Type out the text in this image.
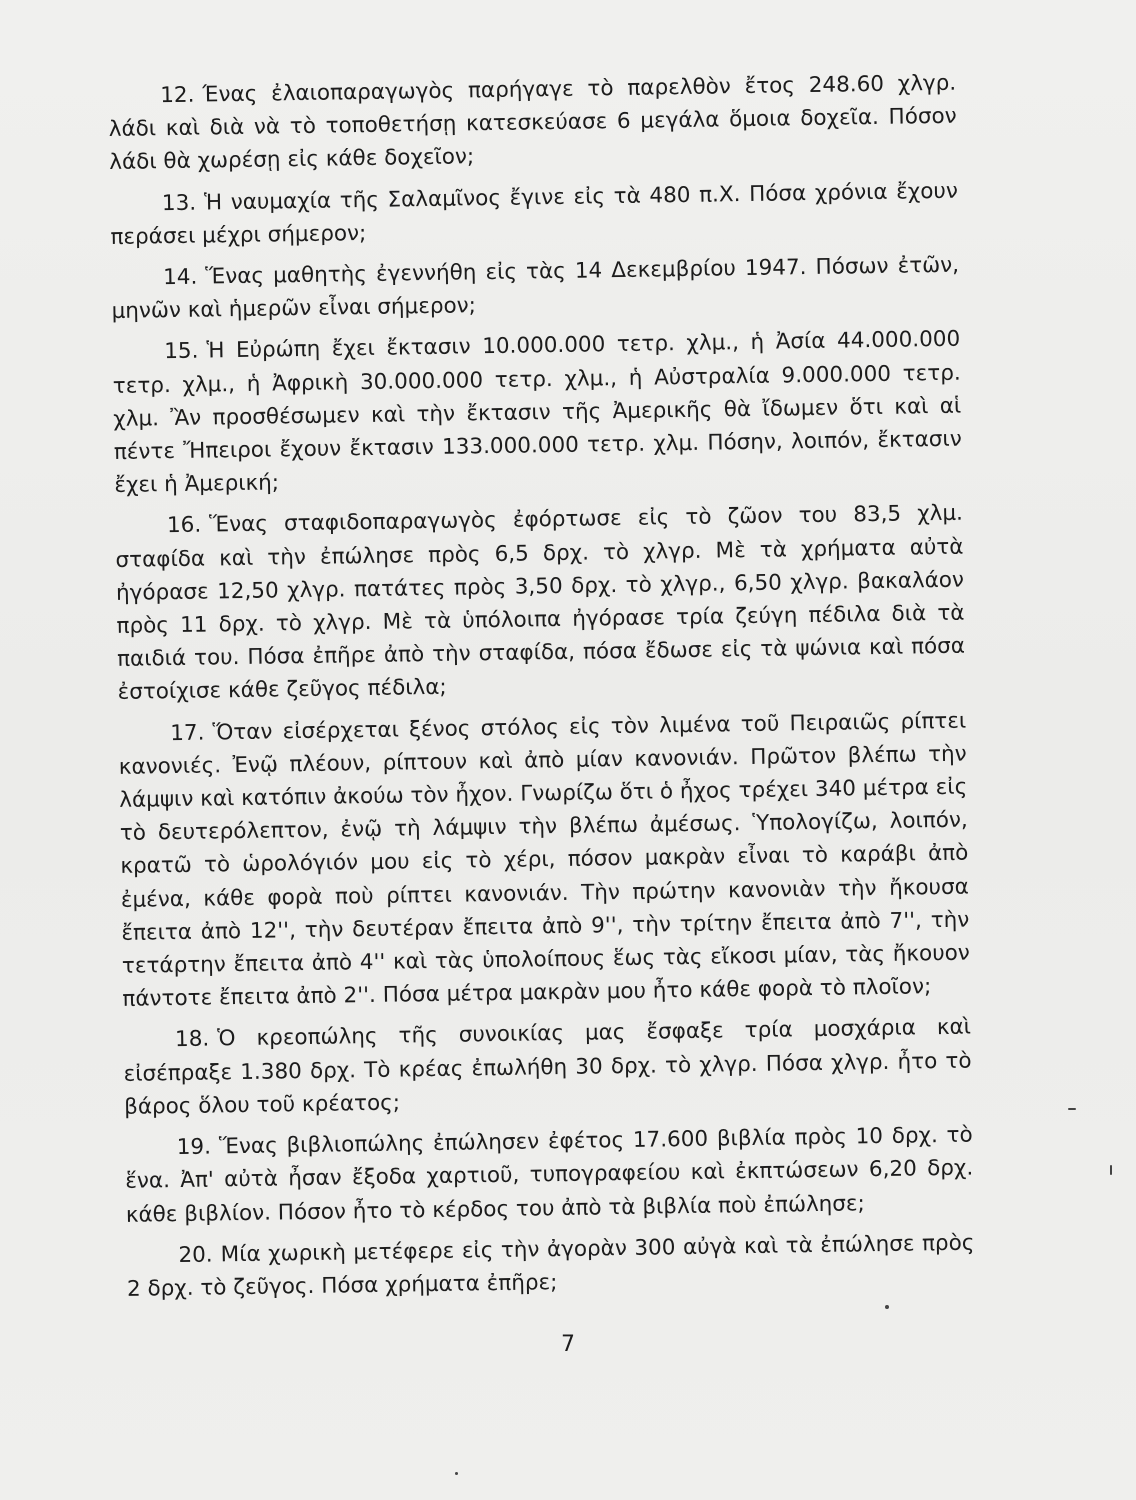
12. Ένας ἐλαιοπαραγωγὸς παρήγαγε τὸ παρελθὸν ἔτος 248.60 χλγρ. λάδι καὶ διὰ νὰ τὸ τοποθετήσῃ κατεσκεύασε 6 μεγάλα ὅμοια δοχεῖα. Πόσον λάδι θὰ χωρέσῃ εἰς κάθε δοχεῖον;

13. Ἡ ναυμαχία τῆς Σαλαμῖνος ἔγινε εἰς τὰ 480 π.Χ. Πόσα χρόνια ἔχουν περάσει μέχρι σήμερον;

14. Ἕνας μαθητὴς ἐγεννήθη εἰς τὰς 14 Δεκεμβρίου 1947. Πόσων ἐτῶν, μηνῶν καὶ ἡμερῶν εἶναι σήμερον;

15. Ἡ Εὐρώπη ἔχει ἔκτασιν 10.000.000 τετρ. χλμ., ἡ Ἀσία 44.000.000 τετρ. χλμ., ἡ Ἀφρικὴ 30.000.000 τετρ. χλμ., ἡ Αὐστραλία 9.000.000 τετρ. χλμ. Ἂν προσθέσωμεν καὶ τὴν ἔκτασιν τῆς Ἀμερικῆς θὰ ἴδωμεν ὅτι καὶ αἱ πέντε Ἤπειροι ἔχουν ἔκτασιν 133.000.000 τετρ. χλμ. Πόσην, λοιπόν, ἔκτασιν ἔχει ἡ Ἀμερική;

16. Ἕνας σταφιδοπαραγωγὸς ἐφόρτωσε εἰς τὸ ζῶον του 83,5 χλμ. σταφίδα καὶ τὴν ἐπώλησε πρὸς 6,5 δρχ. τὸ χλγρ. Μὲ τὰ χρήματα αὐτὰ ἠγόρασε 12,50 χλγρ. πατάτες πρὸς 3,50 δρχ. τὸ χλγρ., 6,50 χλγρ. βακαλάον πρὸς 11 δρχ. τὸ χλγρ. Μὲ τὰ ὑπόλοιπα ἠγόρασε τρία ζεύγη πέδιλα διὰ τὰ παιδιά του. Πόσα ἐπῆρε ἀπὸ τὴν σταφίδα, πόσα ἔδωσε εἰς τὰ ψώνια καὶ πόσα ἐστοίχισε κάθε ζεῦγος πέδιλα;

17. Ὅταν εἰσέρχεται ξένος στόλος εἰς τὸν λιμένα τοῦ Πειραιῶς ρίπτει κανονιές. Ἐνῷ πλέουν, ρίπτουν καὶ ἀπὸ μίαν κανονιάν. Πρῶτον βλέπω τὴν λάμψιν καὶ κατόπιν ἀκούω τὸν ἦχον. Γνωρίζω ὅτι ὁ ἦχος τρέχει 340 μέτρα εἰς τὸ δευτερόλεπτον, ἐνῷ τὴ λάμψιν τὴν βλέπω ἀμέσως. Ὑπολογίζω, λοιπόν, κρατῶ τὸ ὡρολόγιόν μου εἰς τὸ χέρι, πόσον μακρὰν εἶναι τὸ καράβι ἀπὸ ἐμένα, κάθε φορὰ ποὺ ρίπτει κανονιάν. Τὴν πρώτην κανονιὰν τὴν ἤκουσα ἔπειτα ἀπὸ 12'', τὴν δευτέραν ἔπειτα ἀπὸ 9'', τὴν τρίτην ἔπειτα ἀπὸ 7'', τὴν τετάρτην ἔπειτα ἀπὸ 4'' καὶ τὰς ὑπολοίπους ἕως τὰς εἴκοσι μίαν, τὰς ἤκουον πάντοτε ἔπειτα ἀπὸ 2''. Πόσα μέτρα μακρὰν μου ἦτο κάθε φορὰ τὸ πλοῖον;

18. Ὁ κρεοπώλης τῆς συνοικίας μας ἔσφαξε τρία μοσχάρια καὶ εἰσέπραξε 1.380 δρχ. Τὸ κρέας ἐπωλήθη 30 δρχ. τὸ χλγρ. Πόσα χλγρ. ἦτο τὸ βάρος ὅλου τοῦ κρέατος;

19. Ἕνας βιβλιοπώλης ἐπώλησεν ἐφέτος 17.600 βιβλία πρὸς 10 δρχ. τὸ ἕνα. Ἀπ' αὐτὰ ἦσαν ἔξοδα χαρτιοῦ, τυπογραφείου καὶ ἐκπτώσεων 6,20 δρχ. κάθε βιβλίον. Πόσον ἦτο τὸ κέρδος του ἀπὸ τὰ βιβλία ποὺ ἐπώλησε;

20. Μία χωρικὴ μετέφερε εἰς τὴν ἀγορὰν 300 αὐγὰ καὶ τὰ ἐπώλησε πρὸς 2 δρχ. τὸ ζεῦγος. Πόσα χρήματα ἐπῆρε;

7
